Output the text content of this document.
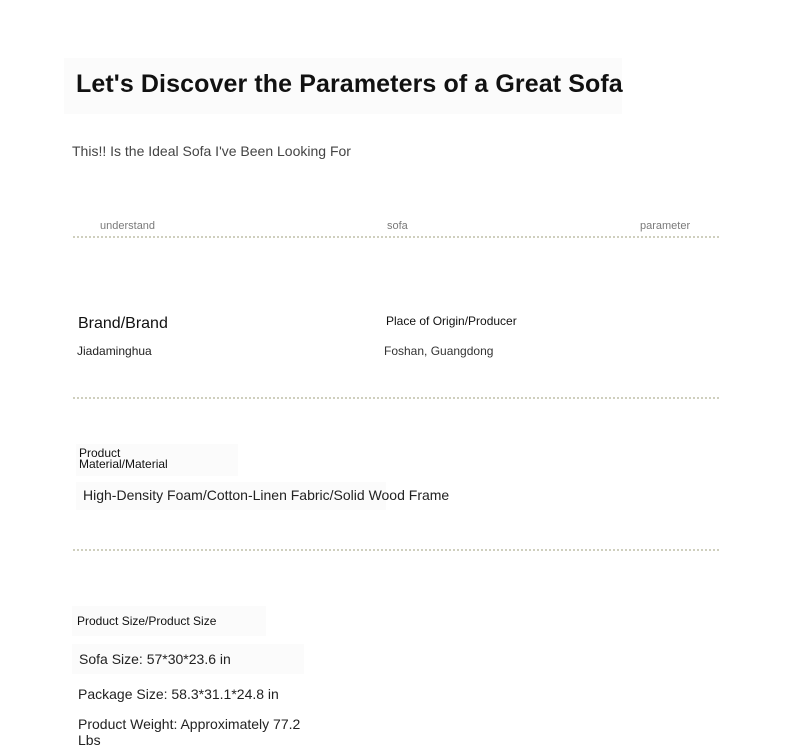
Let's Discover the Parameters of a Great Sofa
This!! Is the Ideal Sofa I've Been Looking For
understand	sofa	parameter
Brand/Brand
Jiadaminghua
Place of Origin/Producer
Foshan, Guangdong
Product Material/Material
High-Density Foam/Cotton-Linen Fabric/Solid Wood Frame
Product Size/Product Size
Sofa Size: 57*30*23.6 in
Package Size: 58.3*31.1*24.8 in
Product Weight: Approximately 77.2 Lbs
